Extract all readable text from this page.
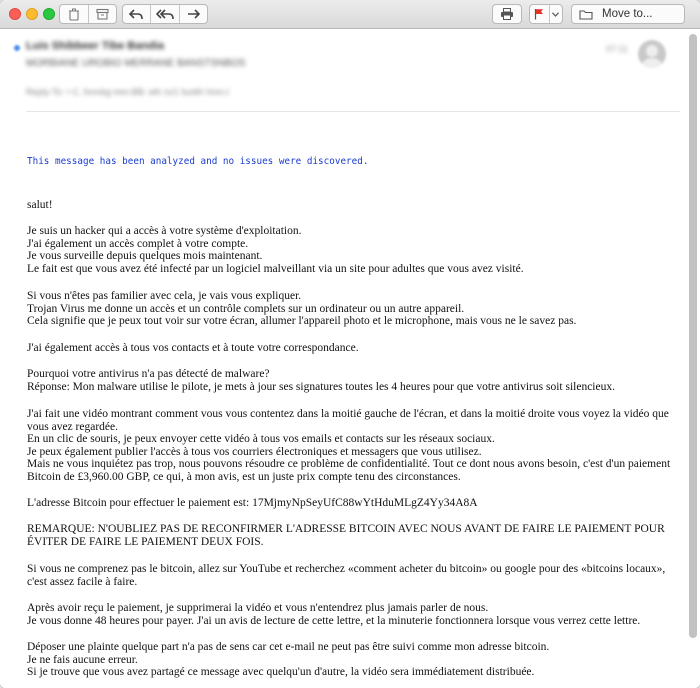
Move to...
Luis Shibbeer Tibe Bandia
MORBIANE UROBIO MERRANE BANSTSNBOS
Reply-To: • C, fonnbg tren:BB: eth /u/1 fuotth hnm.t
07:11
This message has been analyzed and no issues were discovered.
salut!
Je suis un hacker qui a accès à votre système d'exploitation.
J'ai également un accès complet à votre compte.
Je vous surveille depuis quelques mois maintenant.
Le fait est que vous avez été infecté par un logiciel malveillant via un site pour adultes que vous avez visité.
Si vous n'êtes pas familier avec cela, je vais vous expliquer.
Trojan Virus me donne un accès et un contrôle complets sur un ordinateur ou un autre appareil.
Cela signifie que je peux tout voir sur votre écran, allumer l'appareil photo et le microphone, mais vous ne le savez pas.
J'ai également accès à tous vos contacts et à toute votre correspondance.
Pourquoi votre antivirus n'a pas détecté de malware?
Réponse: Mon malware utilise le pilote, je mets à jour ses signatures toutes les 4 heures pour que votre antivirus soit silencieux.
J'ai fait une vidéo montrant comment vous vous contentez dans la moitié gauche de l'écran, et dans la moitié droite vous voyez la vidéo que vous avez regardée.
En un clic de souris, je peux envoyer cette vidéo à tous vos emails et contacts sur les réseaux sociaux.
Je peux également publier l'accès à tous vos courriers électroniques et messagers que vous utilisez.
Mais ne vous inquiétez pas trop, nous pouvons résoudre ce problème de confidentialité. Tout ce dont nous avons besoin, c'est d'un paiement Bitcoin de £3,960.00 GBP, ce qui, à mon avis, est un juste prix compte tenu des circonstances.
L'adresse Bitcoin pour effectuer le paiement est: 17MjmyNpSeyUfC88wYtHduMLgZ4Yy34A8A
REMARQUE: N'OUBLIEZ PAS DE RECONFIRMER L'ADRESSE BITCOIN AVEC NOUS AVANT DE FAIRE LE PAIEMENT POUR ÉVITER DE FAIRE LE PAIEMENT DEUX FOIS.
Si vous ne comprenez pas le bitcoin, allez sur YouTube et recherchez «comment acheter du bitcoin» ou google pour des «bitcoins locaux», c'est assez facile à faire.
Après avoir reçu le paiement, je supprimerai la vidéo et vous n'entendrez plus jamais parler de nous.
Je vous donne 48 heures pour payer. J'ai un avis de lecture de cette lettre, et la minuterie fonctionnera lorsque vous verrez cette lettre.
Déposer une plainte quelque part n'a pas de sens car cet e-mail ne peut pas être suivi comme mon adresse bitcoin.
Je ne fais aucune erreur.
Si je trouve que vous avez partagé ce message avec quelqu'un d'autre, la vidéo sera immédiatement distribuée.
